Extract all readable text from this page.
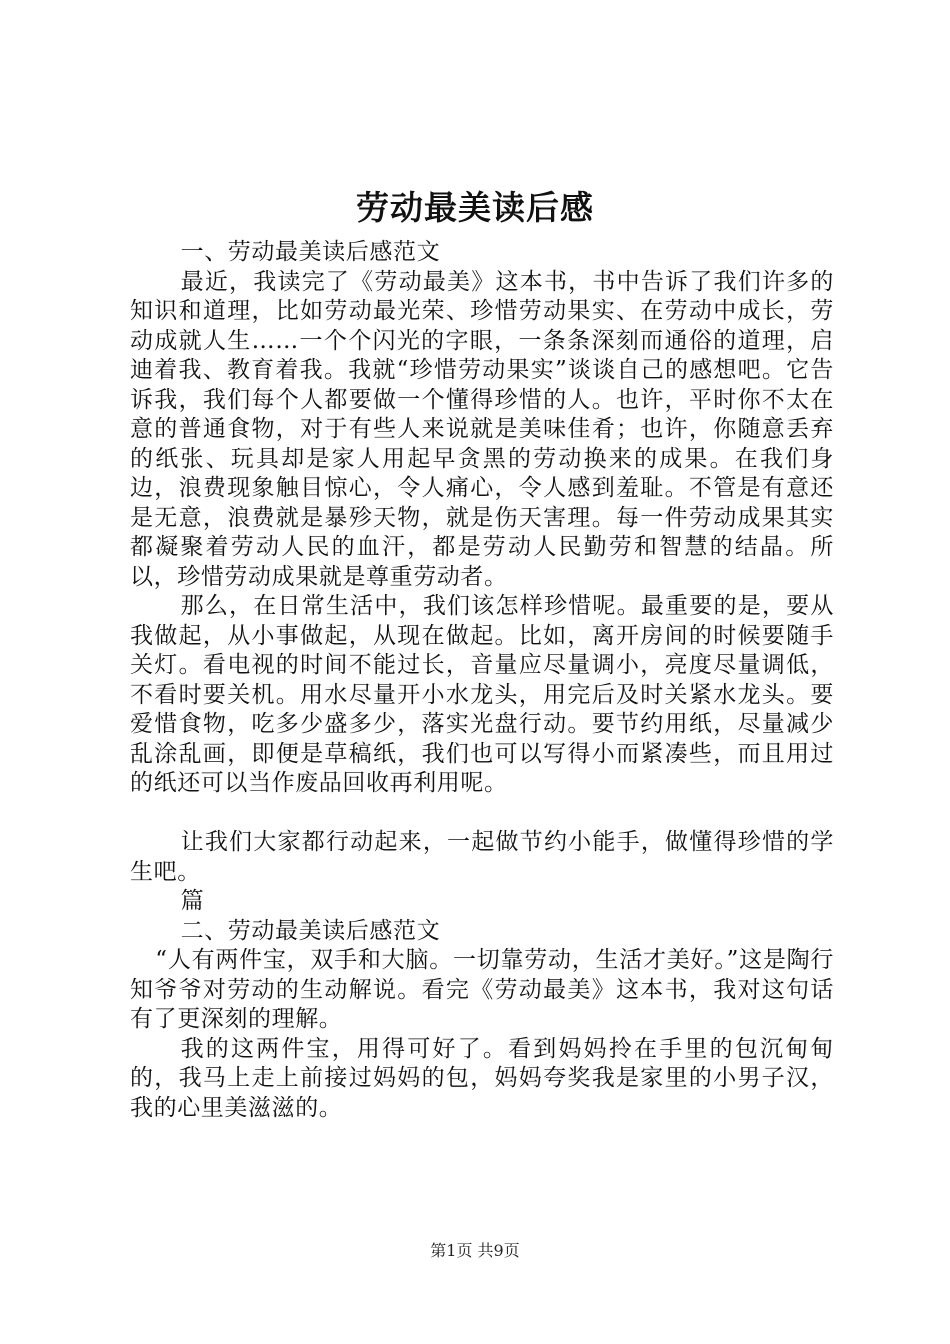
劳动最美读后感

一、劳动最美读后感范文

最近，我读完了《劳动最美》这本书，书中告诉了我们许多的知识和道理，比如劳动最光荣、珍惜劳动果实、在劳动中成长，劳动成就人生……一个个闪光的字眼，一条条深刻而通俗的道理，启迪着我、教育着我。我就“珍惜劳动果实”谈谈自己的感想吧。它告诉我，我们每个人都要做一个懂得珍惜的人。也许，平时你不太在意的普通食物，对于有些人来说就是美味佳肴；也许，你随意丢弃的纸张、玩具却是家人用起早贪黑的劳动换来的成果。在我们身边，浪费现象触目惊心，令人痛心，令人感到羞耻。不管是有意还是无意，浪费就是暴殄天物，就是伤天害理。每一件劳动成果其实都凝聚着劳动人民的血汗，都是劳动人民勤劳和智慧的结晶。所以，珍惜劳动成果就是尊重劳动者。

那么，在日常生活中，我们该怎样珍惜呢。最重要的是，要从我做起，从小事做起，从现在做起。比如，离开房间的时候要随手关灯。看电视的时间不能过长，音量应尽量调小，亮度尽量调低，不看时要关机。用水尽量开小水龙头，用完后及时关紧水龙头。要爱惜食物，吃多少盛多少，落实光盘行动。要节约用纸，尽量减少乱涂乱画，即便是草稿纸，我们也可以写得小而紧凑些，而且用过的纸还可以当作废品回收再利用呢。

让我们大家都行动起来，一起做节约小能手，做懂得珍惜的学生吧。

篇

二、劳动最美读后感范文

“人有两件宝，双手和大脑。一切靠劳动，生活才美好。”这是陶行知爷爷对劳动的生动解说。看完《劳动最美》这本书，我对这句话有了更深刻的理解。

我的这两件宝，用得可好了。看到妈妈拎在手里的包沉甸甸的，我马上走上前接过妈妈的包，妈妈夸奖我是家里的小男子汉，我的心里美滋滋的。

第1页 共9页
